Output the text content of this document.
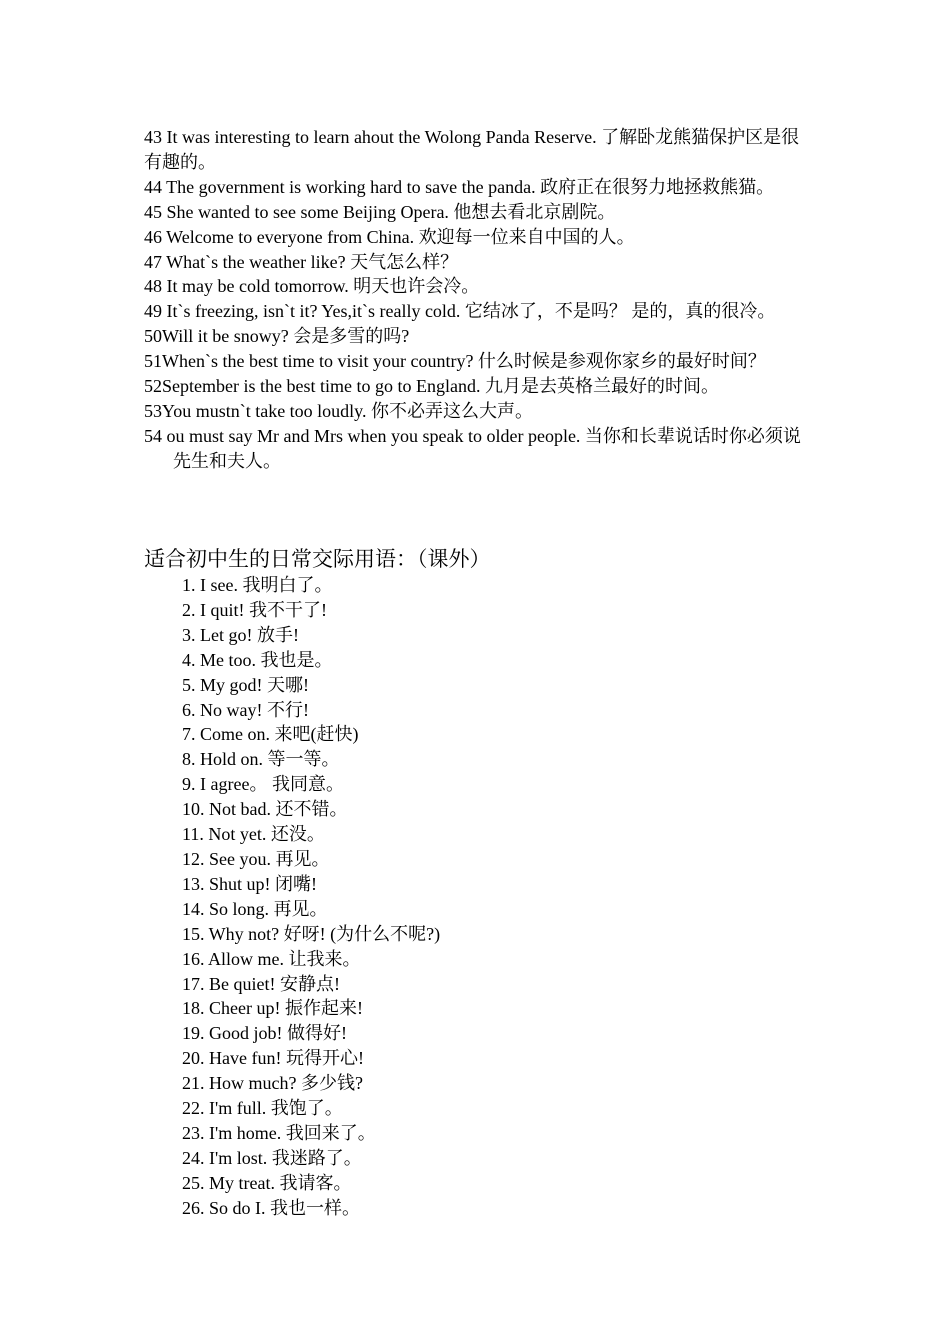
43 It was interesting to learn ahout the Wolong Panda Reserve. 了解卧龙熊猫保护区是很有趣的。
44 The government is working hard to save the panda. 政府正在很努力地拯救熊猫。
45 She wanted to see some Beijing Opera. 他想去看北京剧院。
46 Welcome to everyone from China. 欢迎每一位来自中国的人。
47 What`s the weather like? 天气怎么样？
48 It may be cold tomorrow. 明天也许会冷。
49 It`s freezing, isn`t it? Yes,it`s really cold. 它结冰了，不是吗？ 是的，真的很冷。
50Will it be snowy? 会是多雪的吗?
51When`s the best time to visit your country? 什么时候是参观你家乡的最好时间？
52September is the best time to go to England. 九月是去英格兰最好的时间。
53You mustn`t take too loudly. 你不必弄这么大声。
54 ou must say Mr and Mrs when you speak to older people. 当你和长辈说话时你必须说先生和夫人。
适合初中生的日常交际用语：（课外）
1. I see. 我明白了。
2. I quit! 我不干了!
3. Let go! 放手!
4. Me too. 我也是。
5. My god! 天哪!
6. No way! 不行!
7. Come on. 来吧(赶快)
8. Hold on. 等一等。
9. I agree。 我同意。
10. Not bad. 还不错。
11. Not yet. 还没。
12. See you. 再见。
13. Shut up! 闭嘴!
14. So long. 再见。
15. Why not? 好呀! (为什么不呢?)
16. Allow me. 让我来。
17. Be quiet! 安静点!
18. Cheer up! 振作起来!
19. Good job! 做得好!
20. Have fun! 玩得开心!
21. How much? 多少钱?
22. I'm full. 我饱了。
23. I'm home. 我回来了。
24. I'm lost. 我迷路了。
25. My treat. 我请客。
26. So do I. 我也一样。
